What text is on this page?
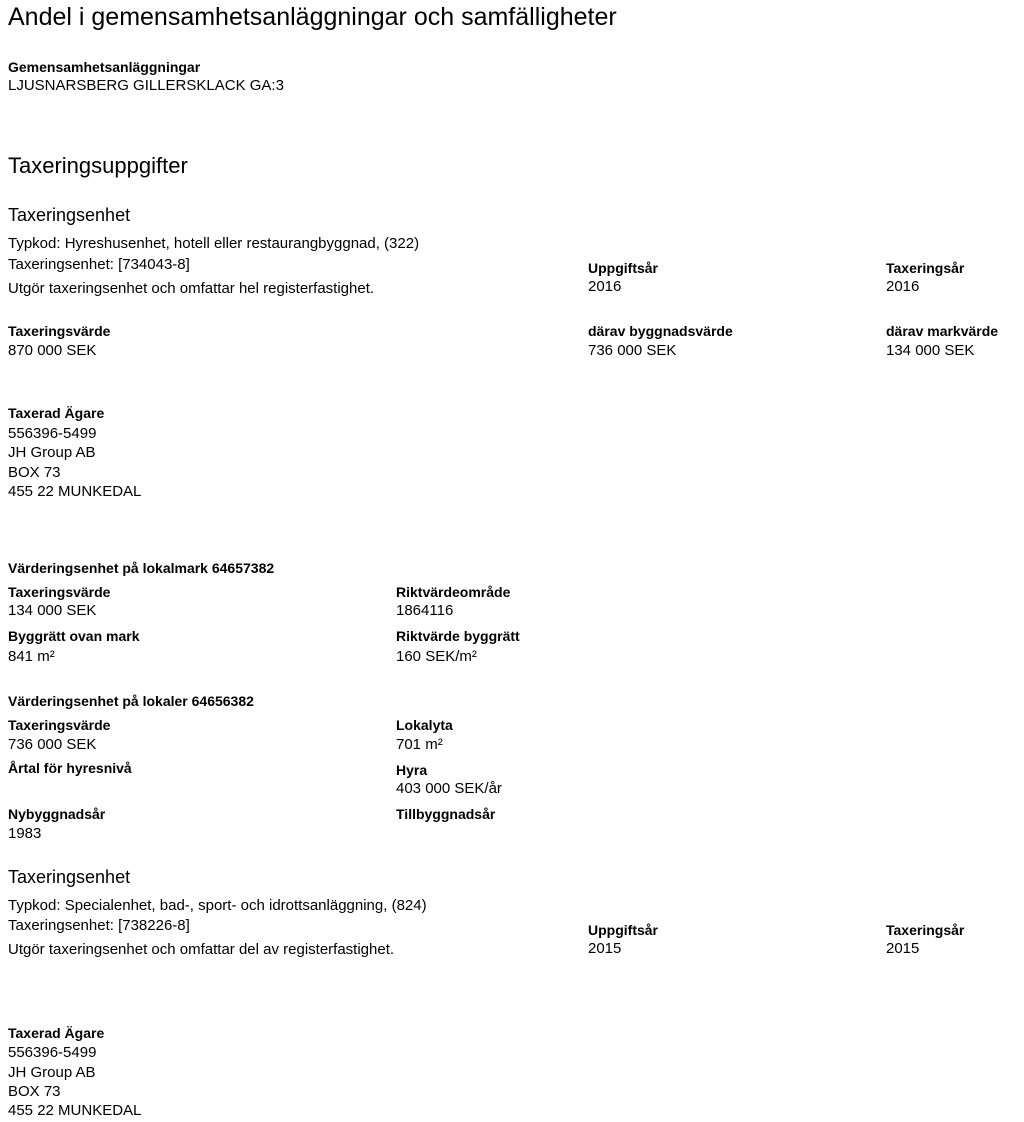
Andel i gemensamhetsanläggningar och samfälligheter
Gemensamhetsanläggningar
LJUSNARSBERG GILLERSKLACK GA:3
Taxeringsuppgifter
Taxeringsenhet
Typkod: Hyreshusenhet, hotell eller restaurangbyggnad, (322)
Taxeringsenhet: [734043-8]
Utgör taxeringsenhet och omfattar hel registerfastighet.
Uppgiftsår
2016
Taxeringsår
2016
Taxeringsvärde
870 000 SEK
därav byggnadsvärde
736 000 SEK
därav markvärde
134 000 SEK
Taxerad Ägare
556396-5499
JH Group AB
BOX 73
455 22 MUNKEDAL
Värderingsenhet på lokalmark 64657382
Taxeringsvärde
134 000 SEK
Riktvärdeområde
1864116
Byggrätt ovan mark
841 m²
Riktvärde byggrätt
160 SEK/m²
Värderingsenhet på lokaler 64656382
Taxeringsvärde
736 000 SEK
Lokalyta
701 m²
Årtal för hyresnivå	Hyra
403 000 SEK/år
Nybyggnadsår
1983
Tillbyggnadsår
Taxeringsenhet
Typkod: Specialenhet, bad-, sport- och idrottsanläggning, (824)
Taxeringsenhet: [738226-8]
Utgör taxeringsenhet och omfattar del av registerfastighet.
Uppgiftsår
2015
Taxeringsår
2015
Taxerad Ägare
556396-5499
JH Group AB
BOX 73
455 22 MUNKEDAL
